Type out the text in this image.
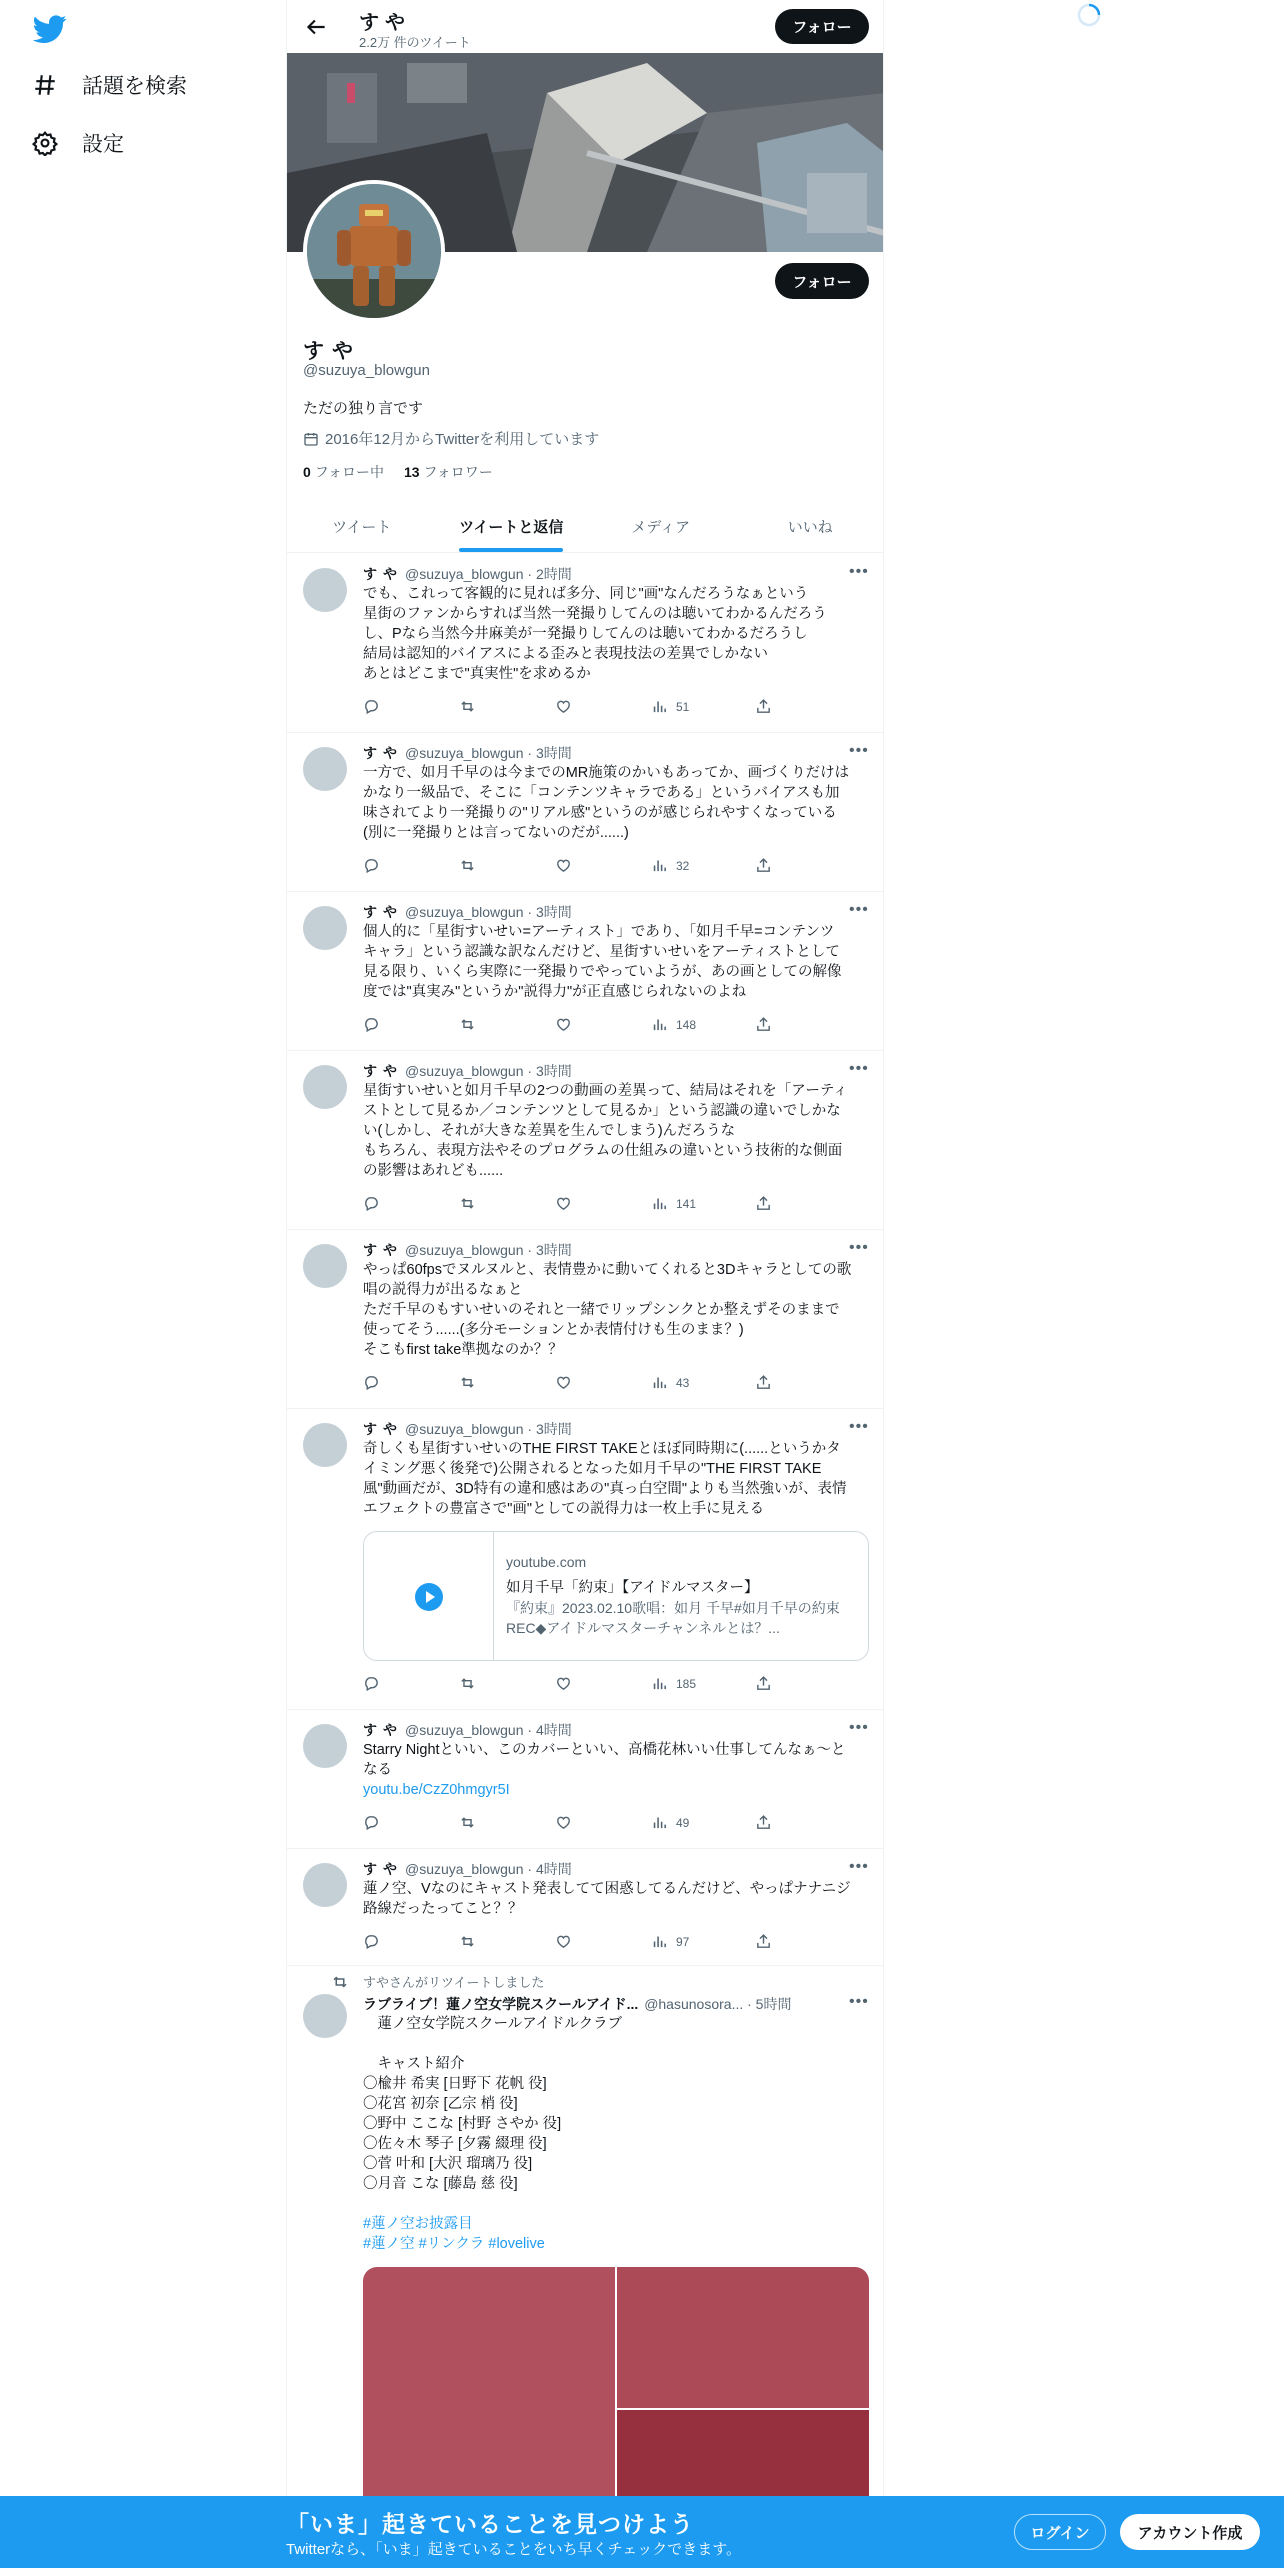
話題を検索
設定
すや
2.2万 件のツイート
フォロー
フォロー
すや
@suzuya_blowgun
ただの独り言です
2016年12月からTwitterを利用しています
0 フォロー中 13 フォロワー
ツイート	ツイートと返信	メディア	いいね
すや @suzuya_blowgun · 2時間	•••
でも、これって客観的に見れば多分、同じ"画"なんだろうなぁという
星街のファンからすれば当然一発撮りしてんのは聴いてわかるんだろう
し、Pなら当然今井麻美が一発撮りしてんのは聴いてわかるだろうし
結局は認知的バイアスによる歪みと表現技法の差異でしかない
あとはどこまで"真実性"を求めるか
51
すや @suzuya_blowgun · 3時間	•••
一方で、如月千早のは今までのMR施策のかいもあってか、画づくりだけは
かなり一級品で、そこに「コンテンツキャラである」というバイアスも加
味されてより一発撮りの"リアル感"というのが感じられやすくなっている
(別に一発撮りとは言ってないのだが......)
32
すや @suzuya_blowgun · 3時間	•••
個人的に「星街すいせい=アーティスト」であり、「如月千早=コンテンツ
キャラ」という認識な訳なんだけど、星街すいせいをアーティストとして
見る限り、いくら実際に一発撮りでやっていようが、あの画としての解像
度では"真実み"というか"説得力"が正直感じられないのよね
148
すや @suzuya_blowgun · 3時間	•••
星街すいせいと如月千早の2つの動画の差異って、結局はそれを「アーティ
ストとして見るか／コンテンツとして見るか」という認識の違いでしかな
い(しかし、それが大きな差異を生んでしまう)んだろうな
もちろん、表現方法やそのプログラムの仕組みの違いという技術的な側面
の影響はあれども......
141
すや @suzuya_blowgun · 3時間	•••
やっぱ60fpsでヌルヌルと、表情豊かに動いてくれると3Dキャラとしての歌
唱の説得力が出るなぁと
ただ千早のもすいせいのそれと一緒でリップシンクとか整えずそのままで
使ってそう......(多分モーションとか表情付けも生のまま？)
そこもfirst take準拠なのか？？
43
すや @suzuya_blowgun · 3時間	•••
奇しくも星街すいせいのTHE FIRST TAKEとほぼ同時期に(......というかタ
イミング悪く後発で)公開されるとなった如月千早の"THE FIRST TAKE
風"動画だが、3D特有の違和感はあの"真っ白空間"よりも当然強いが、表情
エフェクトの豊富さで"画"としての説得力は一枚上手に見える
youtube.com
如月千早「約束」【アイドルマスター】
『約束』2023.02.10歌唱：如月 千早#如月千早の約束REC◆アイドルマスターチャンネルとは？...
185
すや @suzuya_blowgun · 4時間	•••
Starry Nightといい、このカバーといい、高橋花林いい仕事してんなぁ〜と
なる
youtu.be/CzZ0hmgyr5I
49
すや @suzuya_blowgun · 4時間	•••
蓮ノ空、Vなのにキャスト発表してて困惑してるんだけど、やっぱナナニジ
路線だったってこと？？
97
すやさんがリツイートしました
ラブライブ！蓮ノ空女学院スクールアイド... @hasunosora... · 5時間	•••
　蓮ノ空女学院スクールアイドルクラブ
　キャスト紹介
〇楡井 希実 [日野下 花帆 役]
〇花宮 初奈 [乙宗 梢 役]
〇野中 ここな [村野 さやか 役]
〇佐々木 琴子 [夕霧 綴理 役]
〇菅 叶和 [大沢 瑠璃乃 役]
〇月音 こな [藤島 慈 役]
#蓮ノ空お披露目
#蓮ノ空 #リンクラ #lovelive
「いま」起きていることを見つけよう
Twitterなら、「いま」起きていることをいち早くチェックできます。
ログイン	アカウント作成
